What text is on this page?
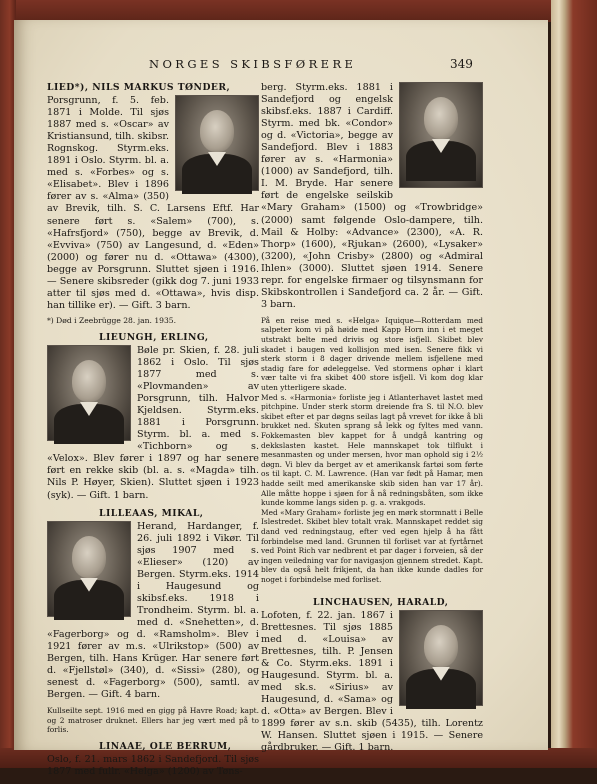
NORGES SKIBSFØRERE	349
LIED*), NILS MARKUS TØNDER,
Porsgrunn, f. 5. feb. 1871 i Molde. Til sjøs 1887 med s. «Oscar» av Kristiansund, tilh. skibsr. Rognskog. Styrm.eks. 1891 i Oslo. Styrm. bl. a. med s. «Forbes» og s. «Elisabet». Blev i 1896 fører av s. «Alma» (350) av Brevik, tilh. S. C. Larsens Eftf. Har senere ført s. «Salem» (700), s. «Hafrsfjord» (750), begge av Brevik, d. «Evviva» (750) av Langesund, d. «Eden» (2000) og fører nu d. «Ottawa» (4300), begge av Porsgrunn. Sluttet sjøen i 1916. — Senere skibsreder (gikk dog 7. juni 1933 atter til sjøs med d. «Ottawa», hvis disp. han tillike er). — Gift. 3 barn.
*) Død i Zeebrügge 28. jan. 1935.
LIEUNGH, ERLING,
Bøle pr. Skien, f. 28. juli 1862 i Oslo. Til sjøs 1877 med s. «Plovmanden» av Porsgrunn, tilh. Halvor Kjeldsen. Styrm.eks. 1881 i Porsgrunn. Styrm. bl. a. med s. «Tichborn» og s. «Velox». Blev fører i 1897 og har senere ført en rekke skib (bl. a. s. «Magda» tilh. Nils P. Høyer, Skien). Sluttet sjøen i 1923 (syk). — Gift. 1 barn.
LILLEAAS, MIKAL,
Herand, Hardanger, f. 26. juli 1892 i Vikør. Til sjøs 1907 med s. «Elieser» (120) av Bergen. Styrm.eks. 1914 i Haugesund og skibsf.eks. 1918 i Trondheim. Styrm. bl. a. med d. «Snehetten», d. «Fagerborg» og d. «Ramsholm». Blev i 1921 fører av m.s. «Ulrikstop» (500) av Bergen, tilh. Hans Krüger. Har senere ført d. «Fjellstøl» (340), d. «Sissi» (280), og senest d. «Fagerborg» (500), samtl. av Bergen. — Gift. 4 barn.
Kullseilte sept. 1916 med en gigg på Havre Road; kapt. og 2 matroser druknet. Ellers har jeg vært med på to forlis.
LINAAE, OLE BERRUM,
Oslo, f. 21. mars 1862 i Sandefjord. Til sjøs 1877 med fullr. «Helga» (1200) av Tøns-
berg. Styrm.eks. 1881 i Sandefjord og engelsk skibsf.eks. 1887 i Cardiff. Styrm. med bk. «Condor» og d. «Victoria», begge av Sandefjord. Blev i 1883 fører av s. «Harmonia» (1000) av Sandefjord, tilh. I. M. Bryde. Har senere ført de engelske seilskib «Mary Graham» (1500) og «Trowbridge» (2000) samt følgende Oslo-dampere, tilh. Mail & Holby: «Advance» (2300), «A. R. Thorp» (1600), «Rjukan» (2600), «Lysaker» (3200), «John Crisby» (2800) og «Admiral Ihlen» (3000). Sluttet sjøen 1914. Senere repr. for engelske firmaer og tilsynsmann for Skibskontrollen i Sandefjord ca. 2 år. — Gift. 3 barn.
På en reise med s. «Helga» Iquique—Rotterdam med salpeter kom vi på høide med Kapp Horn inn i et meget utstrakt belte med drivis og store isfjell. Skibet blev skadet i baugen ved kollisjon med isen. Senere fikk vi sterk storm i 8 dager drivende mellem isfjellene med stadig fare for ødeleggelse. Ved stormens ophør i klart vær talte vi fra skibet 400 store isfjell. Vi kom dog klar uten ytterligere skade.
Med s. «Harmonia» forliste jeg i Atlanterhavet lastet med pitchpine. Under sterk storm dreiende fra S. til N.O. blev skibet efter et par døgns seilas lagt på vrevet for ikke å bli brukket ned. Skuten sprang så lekk og fyltes med vann. Fokkemasten blev kappet for å undgå kantring og dekkslasten kastet. Hele mannskapet tok tilflukt i mesanmasten og under mersen, hvor man ophold sig i 2½ døgn. Vi blev da berget av et amerikansk fartøi som førte os til kapt. C. M. Lawrence. (Han var født på Hamar, men hadde seilt med amerikanske skib siden han var 17 år). Alle måtte hoppe i sjøen for å nå redningsbåten, som ikke kunde komme langs siden p. g. a. vrakgods.
Med «Mary Graham» forliste jeg en mørk stormnatt i Belle Islestredet. Skibet blev totalt vrak. Mannskapet reddet sig dand ved redningstaug, efter ved egen hjelp å ha fått forbindelse med land. Grunnen til forliset var at fyrtårnet ved Point Rich var nedbrent et par dager i forveien, så der ingen veiledning var for navigasjon gjennem stredet. Kapt. blev da også helt frikjent, da han ikke kunde dadles for noget i forbindelse med forliset.
LINCHAUSEN, HARALD,
Lofoten, f. 22. jan. 1867 i Brettesnes. Til sjøs 1885 med d. «Louisa» av Brettesnes, tilh. P. Jensen & Co. Styrm.eks. 1891 i Haugesund. Styrm. bl. a. med sk.s. «Sirius» av Haugesund, d. «Sama» og d. «Otta» av Bergen. Blev i 1899 fører av s.n. skib (5435), tilh. Lorentz W. Hansen. Sluttet sjøen i 1915. — Senere gårdbruker. — Gift. 1 barn.
